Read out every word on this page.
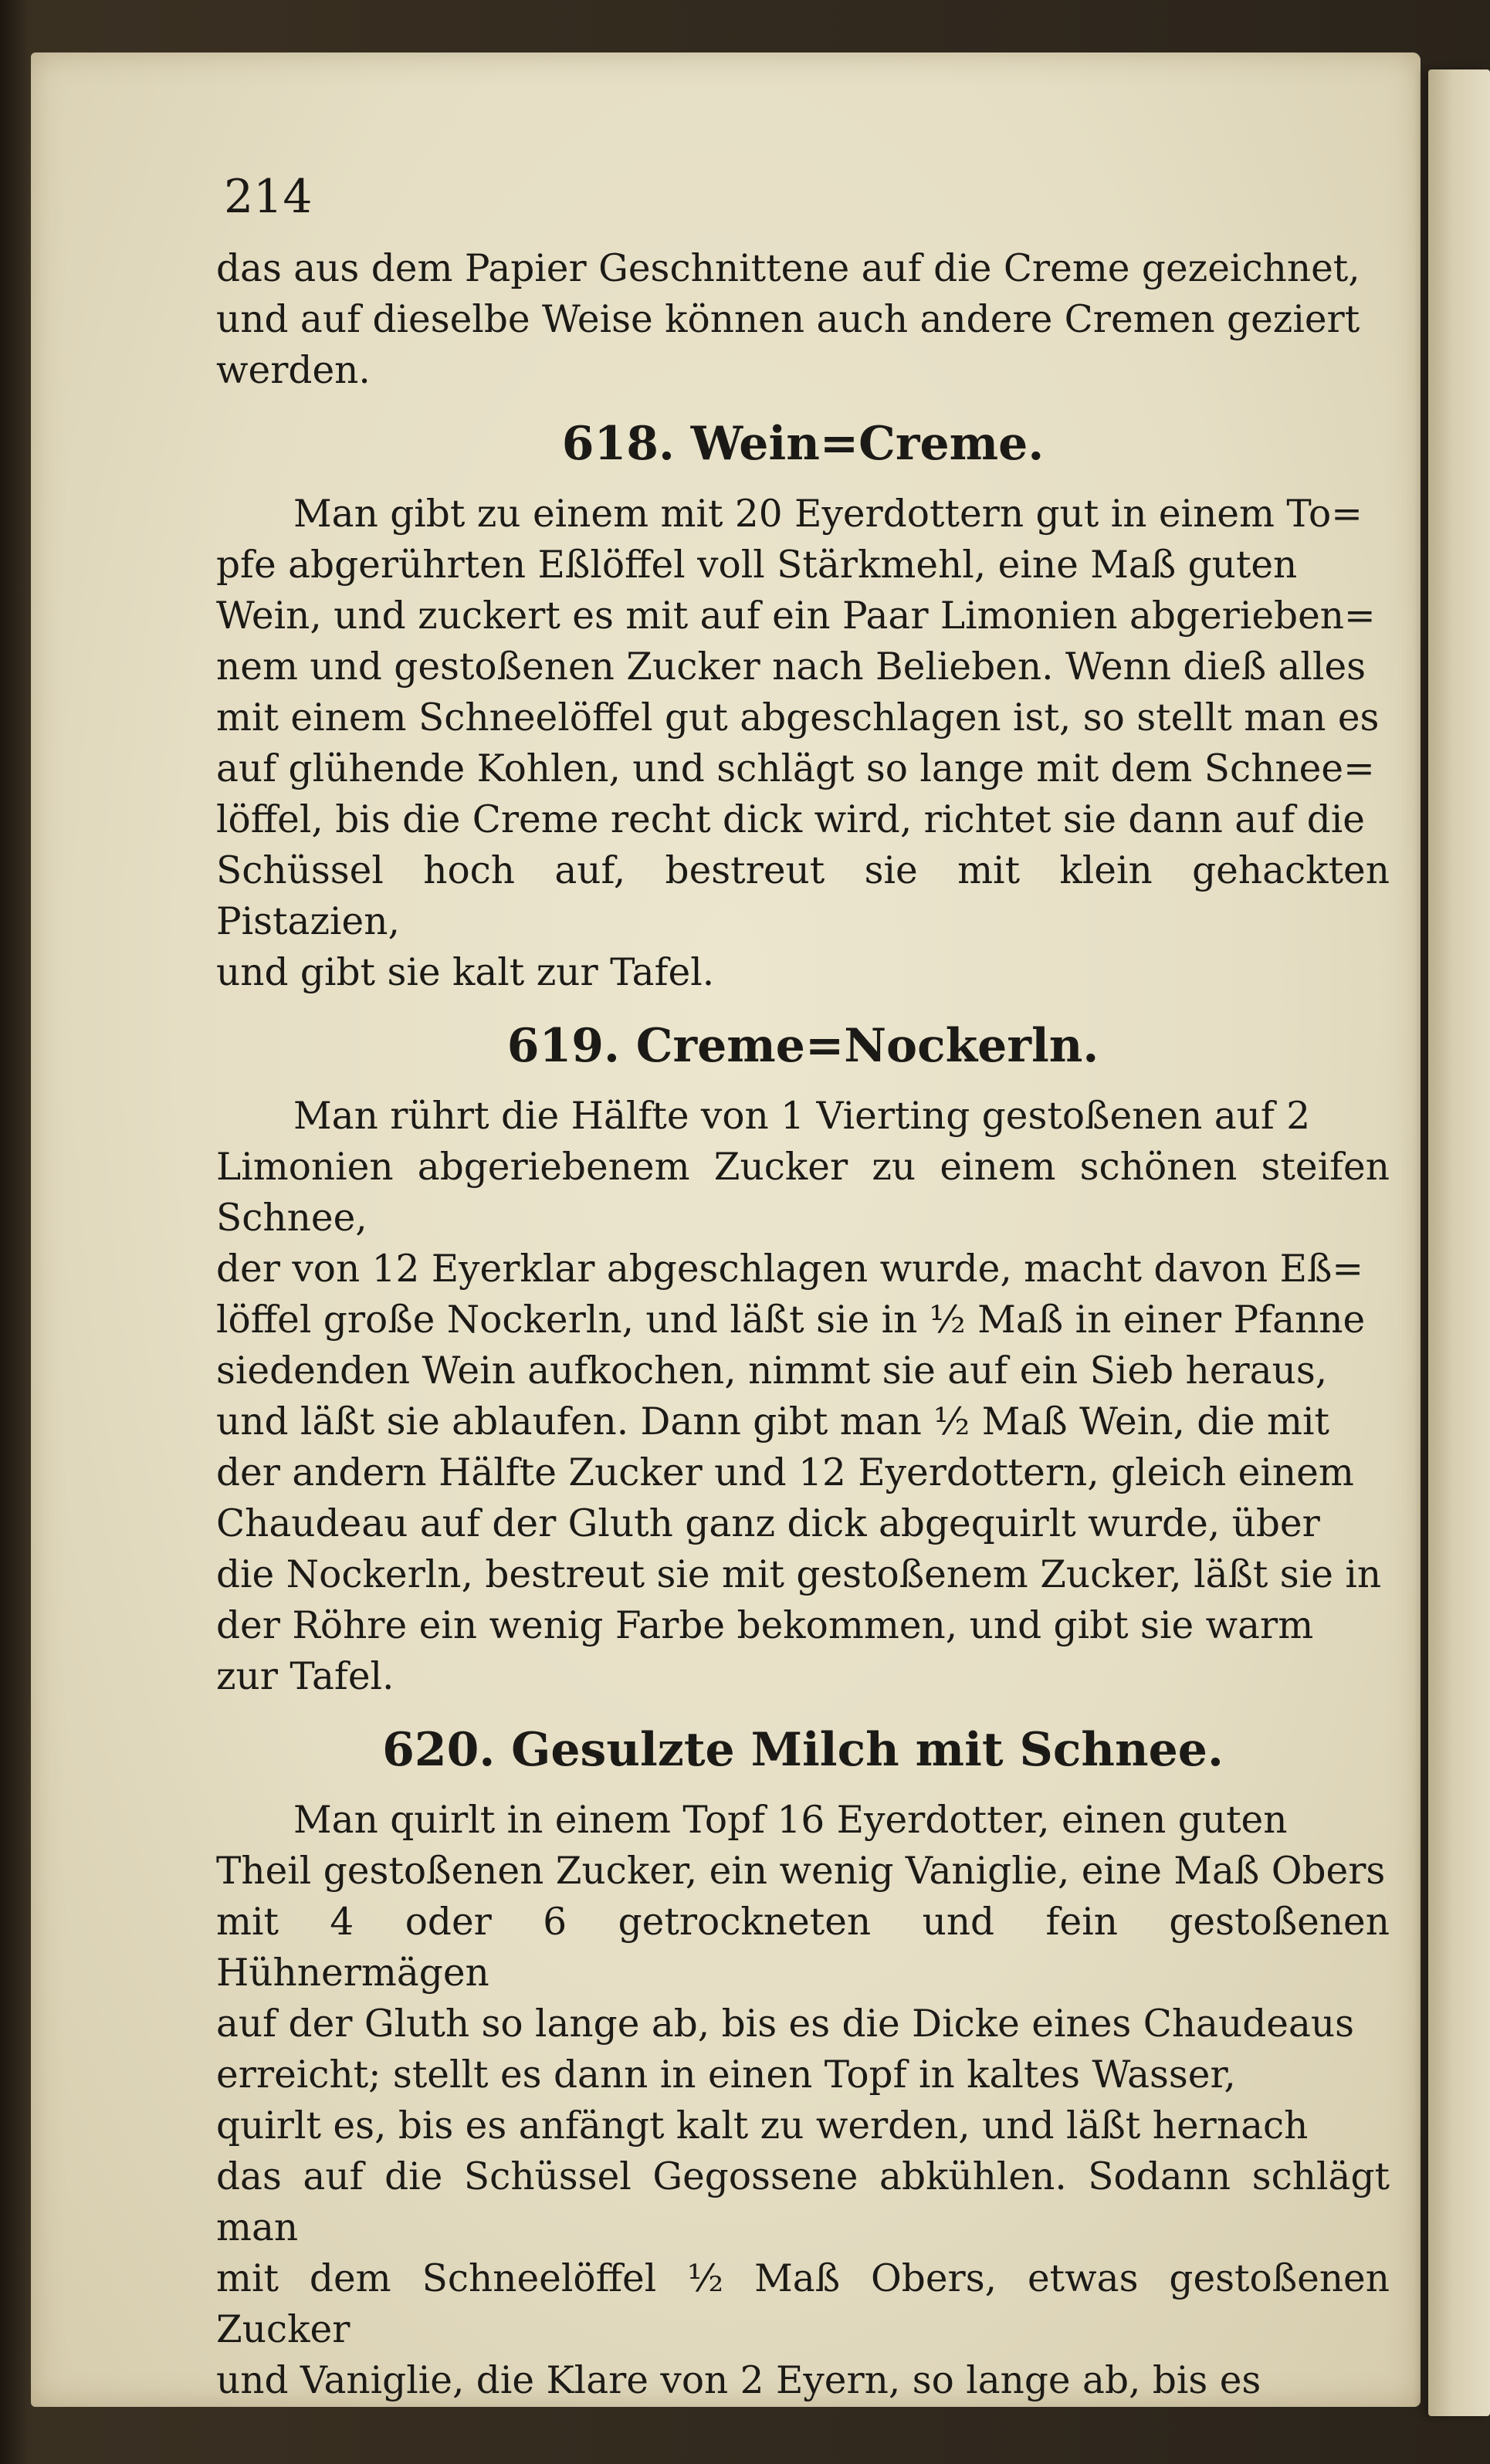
214

das aus dem Papier Geschnittene auf die Creme gezeichnet,
und auf dieselbe Weise können auch andere Cremen geziert
werden.

618. Wein=Creme.

Man gibt zu einem mit 20 Eyerdottern gut in einem To=
pfe abgerührten Eßlöffel voll Stärkmehl, eine Maß guten
Wein, und zuckert es mit auf ein Paar Limonien abgerieben=
nem und gestoßenen Zucker nach Belieben. Wenn dieß alles
mit einem Schneelöffel gut abgeschlagen ist, so stellt man es
auf glühende Kohlen, und schlägt so lange mit dem Schnee=
löffel, bis die Creme recht dick wird, richtet sie dann auf die
Schüssel hoch auf, bestreut sie mit klein gehackten Pistazien,
und gibt sie kalt zur Tafel.

619. Creme=Nockerln.

Man rührt die Hälfte von 1 Vierting gestoßenen auf 2
Limonien abgeriebenem Zucker zu einem schönen steifen Schnee,
der von 12 Eyerklar abgeschlagen wurde, macht davon Eß=
löffel große Nockerln, und läßt sie in ½ Maß in einer Pfanne
siedenden Wein aufkochen, nimmt sie auf ein Sieb heraus,
und läßt sie ablaufen. Dann gibt man ½ Maß Wein, die mit
der andern Hälfte Zucker und 12 Eyerdottern, gleich einem
Chaudeau auf der Gluth ganz dick abgequirlt wurde, über
die Nockerln, bestreut sie mit gestoßenem Zucker, läßt sie in
der Röhre ein wenig Farbe bekommen, und gibt sie warm
zur Tafel.

620. Gesulzte Milch mit Schnee.

Man quirlt in einem Topf 16 Eyerdotter, einen guten
Theil gestoßenen Zucker, ein wenig Vaniglie, eine Maß Obers
mit 4 oder 6 getrockneten und fein gestoßenen Hühnermägen
auf der Gluth so lange ab, bis es die Dicke eines Chaudeaus
erreicht; stellt es dann in einen Topf in kaltes Wasser,
quirlt es, bis es anfängt kalt zu werden, und läßt hernach
das auf die Schüssel Gegossene abkühlen. Sodann schlägt man
mit dem Schneelöffel ½ Maß Obers, etwas gestoßenen Zucker
und Vaniglie, die Klare von 2 Eyern, so lange ab, bis es
